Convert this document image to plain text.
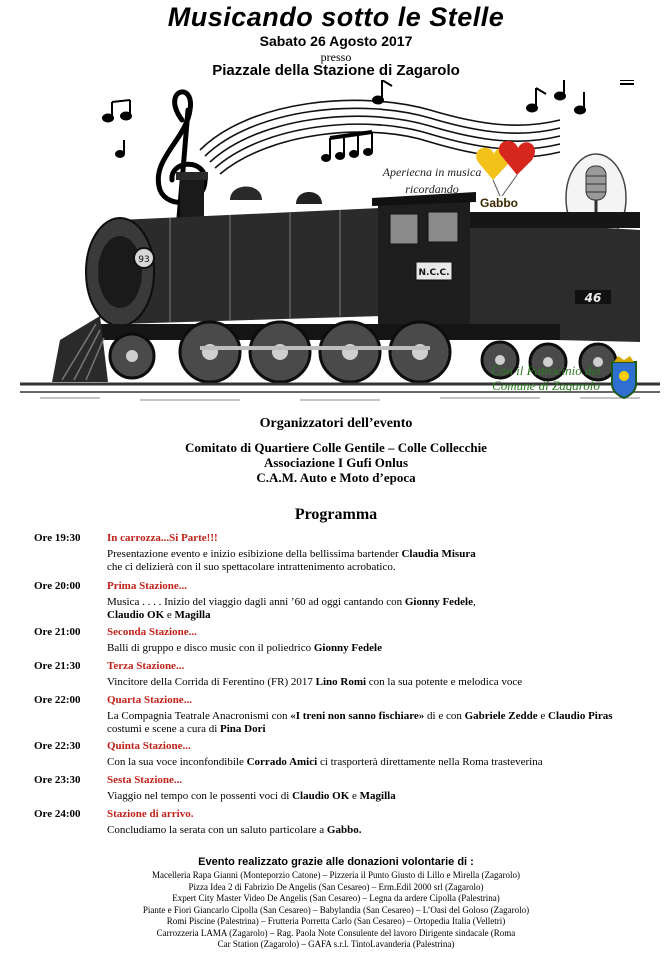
Musicando sotto le Stelle
Sabato 26 Agosto 2017
presso
Piazzale della Stazione di Zagarolo
93
N.C.C.
46
Aperiecna in musica
ricordando
Gabbo
Con il Patrocinio del
Comune di Zagarolo
Organizzatori dell’evento
Comitato di Quartiere Colle Gentile – Colle Collecchie
Associazione I Gufi Onlus
C.A.M. Auto e Moto d’epoca
Programma
Ore 19:30 In carrozza...Si Parte!!!
Presentazione evento e inizio esibizione della bellissima bartender Claudia Misura
che ci delizierà con il suo spettacolare intrattenimento acrobatico.
Ore 20:00 Prima Stazione...
Musica . . . . Inizio del viaggio dagli anni ’60 ad oggi cantando con Gionny Fedele,
Claudio OK e Magilla
Ore 21:00 Seconda Stazione...
Balli di gruppo e disco music con il poliedrico Gionny Fedele
Ore 21:30 Terza Stazione...
Vincitore della Corrida di Ferentino (FR) 2017 Lino Romi con la sua potente e melodica voce
Ore 22:00 Quarta Stazione...
La Compagnia Teatrale Anacronismi con «I treni non sanno fischiare» di e con Gabriele Zedde e Claudio Piras
costumi e scene a cura di Pina Dori
Ore 22:30 Quinta Stazione...
Con la sua voce inconfondibile Corrado Amici ci trasporterà direttamente nella Roma trasteverina
Ore 23:30 Sesta Stazione...
Viaggio nel tempo con le possenti voci di Claudio OK e Magilla
Ore 24:00 Stazione di arrivo.
Concludiamo la serata con un saluto particolare a Gabbo.
Evento realizzato grazie alle donazioni volontarie di :
Macelleria Rapa Gianni (Monteporzio Catone) – Pizzeria il Punto Giusto di Lillo e Mirella (Zagarolo)
Pizza Idea 2 di Fabrizio De Angelis (San Cesareo) – Erm.Edil 2000 srl (Zagarolo)
Expert City Master Video De Angelis (San Cesareo) – Legna da ardere Cipolla (Palestrina)
Piante e Fiori Giancarlo Cipolla (San Cesareo) – Babylandia (San Cesareo) – L’Oasi del Goloso (Zagarolo)
Romi Piscine (Palestrina) – Frutteria Porretta Carlo (San Cesareo) – Ortopedia Italia (Velletri)
Carrozzeria LAMA (Zagarolo) – Rag. Paola Note Consulente del lavoro Dirigente sindacale (Roma
Car Station (Zagarolo) – GAFA s.r.l. TintoLavanderia (Palestrina)
